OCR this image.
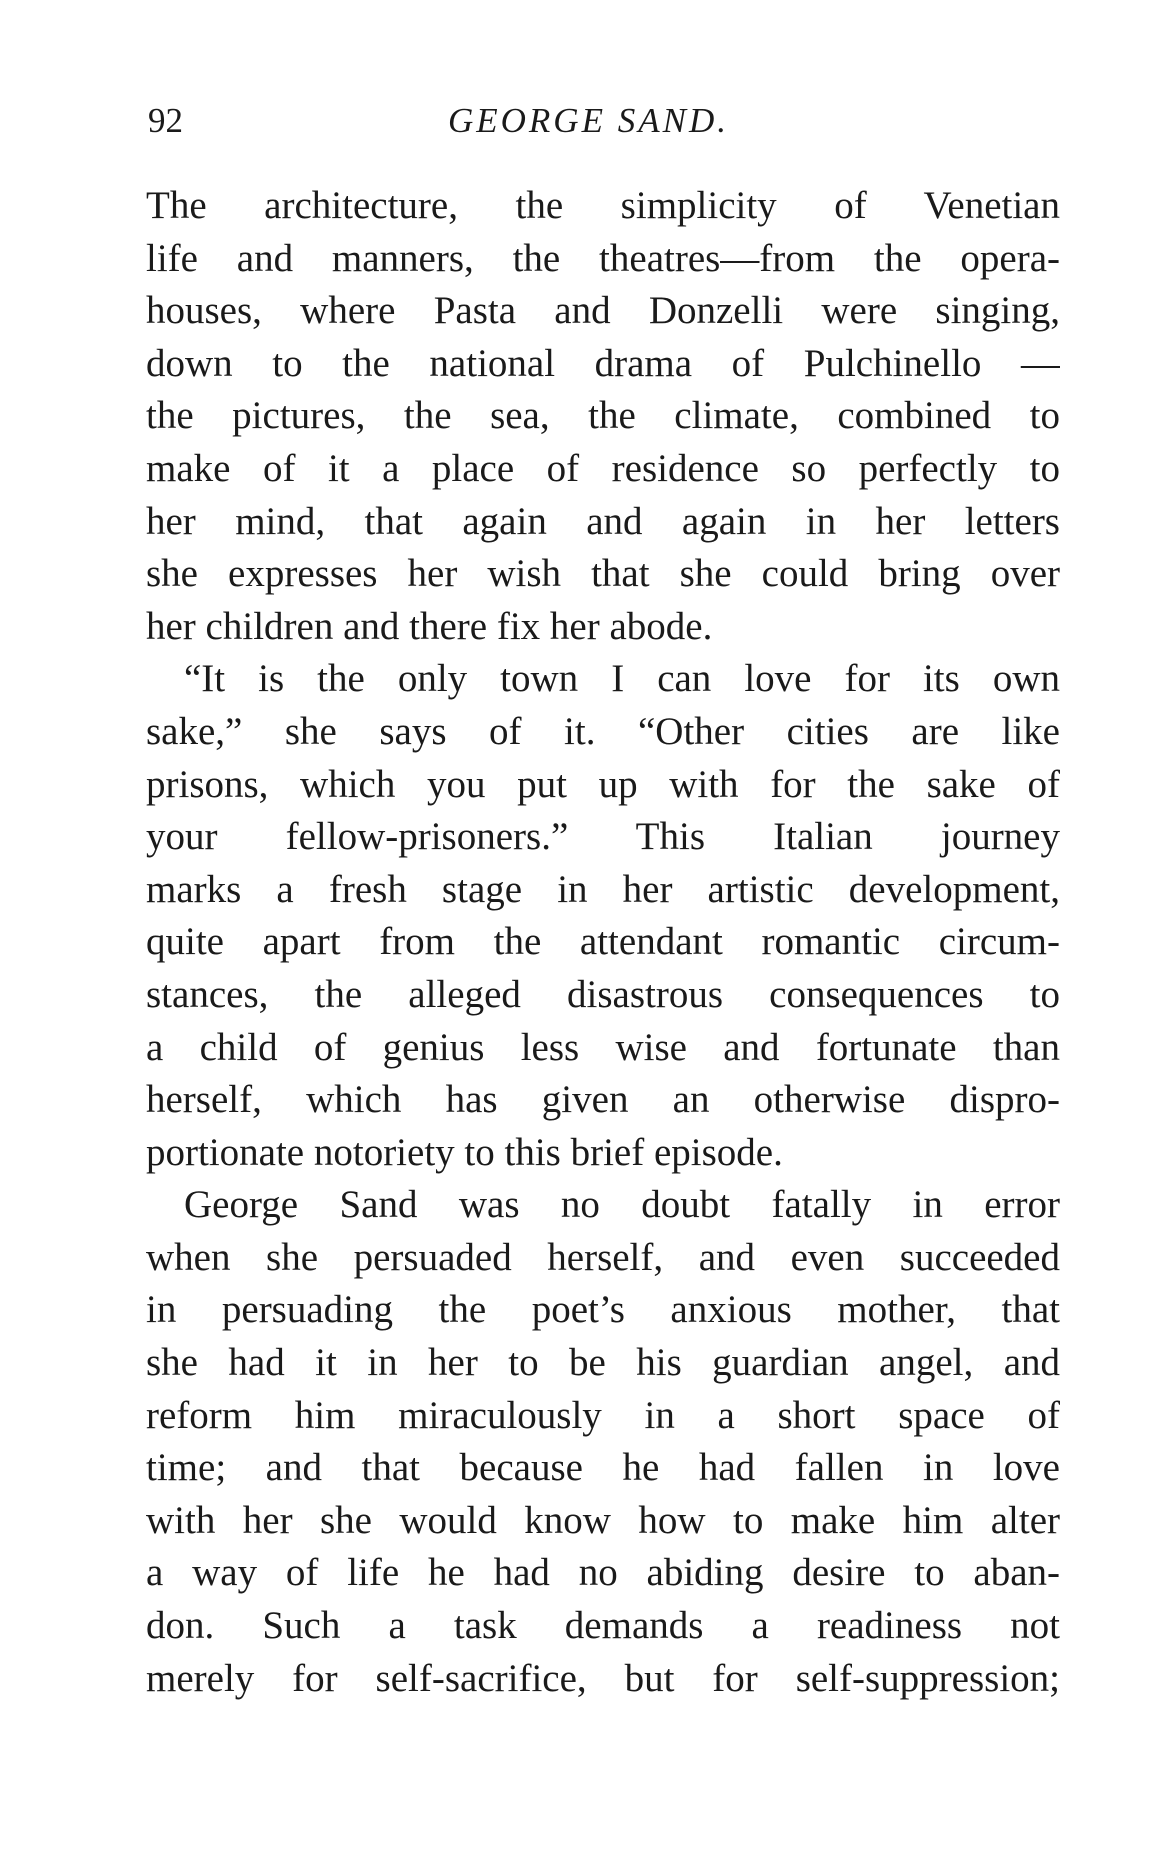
92	GEORGE SAND.
The architecture, the simplicity of Venetian
life and manners, the theatres—from the opera-
houses, where Pasta and Donzelli were singing,
down to the national drama of Pulchinello —
the pictures, the sea, the climate, combined to
make of it a place of residence so perfectly to
her mind, that again and again in her letters
she expresses her wish that she could bring over
her children and there fix her abode.
“It is the only town I can love for its own
sake,” she says of it. “Other cities are like
prisons, which you put up with for the sake of
your fellow-prisoners.” This Italian journey
marks a fresh stage in her artistic development,
quite apart from the attendant romantic circum-
stances, the alleged disastrous consequences to
a child of genius less wise and fortunate than
herself, which has given an otherwise dispro-
portionate notoriety to this brief episode.
George Sand was no doubt fatally in error
when she persuaded herself, and even succeeded
in persuading the poet’s anxious mother, that
she had it in her to be his guardian angel, and
reform him miraculously in a short space of
time; and that because he had fallen in love
with her she would know how to make him alter
a way of life he had no abiding desire to aban-
don. Such a task demands a readiness not
merely for self-sacrifice, but for self-suppression;
